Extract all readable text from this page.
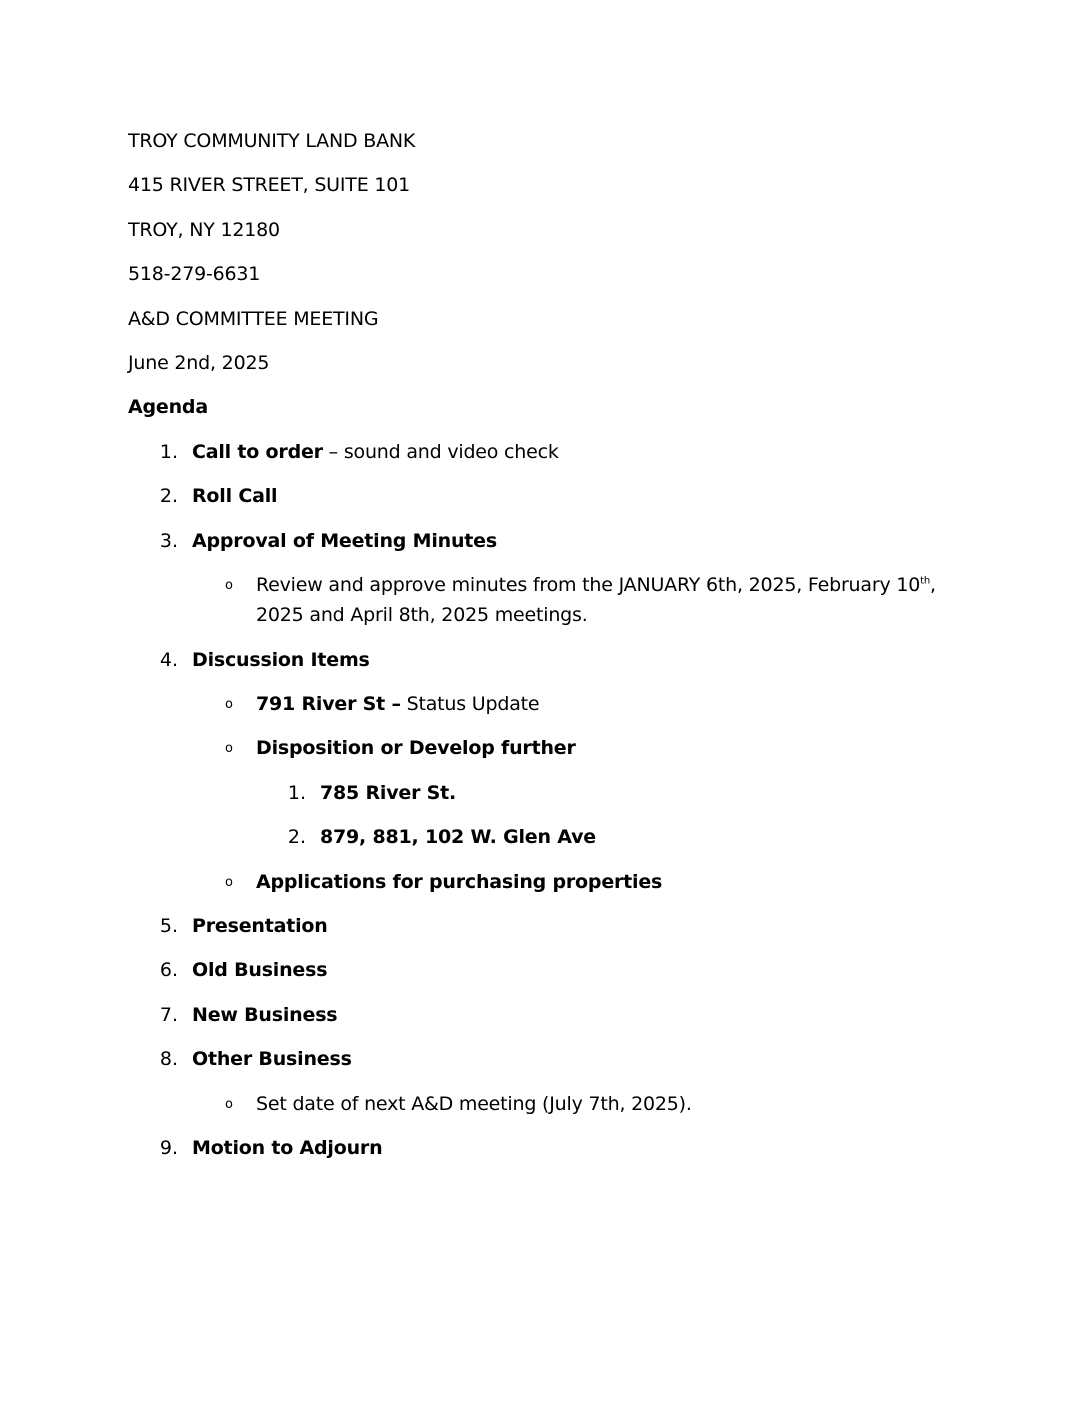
TROY COMMUNITY LAND BANK
415 RIVER STREET, SUITE 101
TROY, NY 12180
518-279-6631
A&D COMMITTEE MEETING
June 2nd, 2025
Agenda
1. Call to order – sound and video check
2. Roll Call
3. Approval of Meeting Minutes
o Review and approve minutes from the JANUARY 6th, 2025, February 10th,
2025 and April 8th, 2025 meetings.
4. Discussion Items
o 791 River St – Status Update
o Disposition or Develop further
1. 785 River St.
2. 879, 881, 102 W. Glen Ave
o Applications for purchasing properties
5. Presentation
6. Old Business
7. New Business
8. Other Business
o Set date of next A&D meeting (July 7th, 2025).
9. Motion to Adjourn
